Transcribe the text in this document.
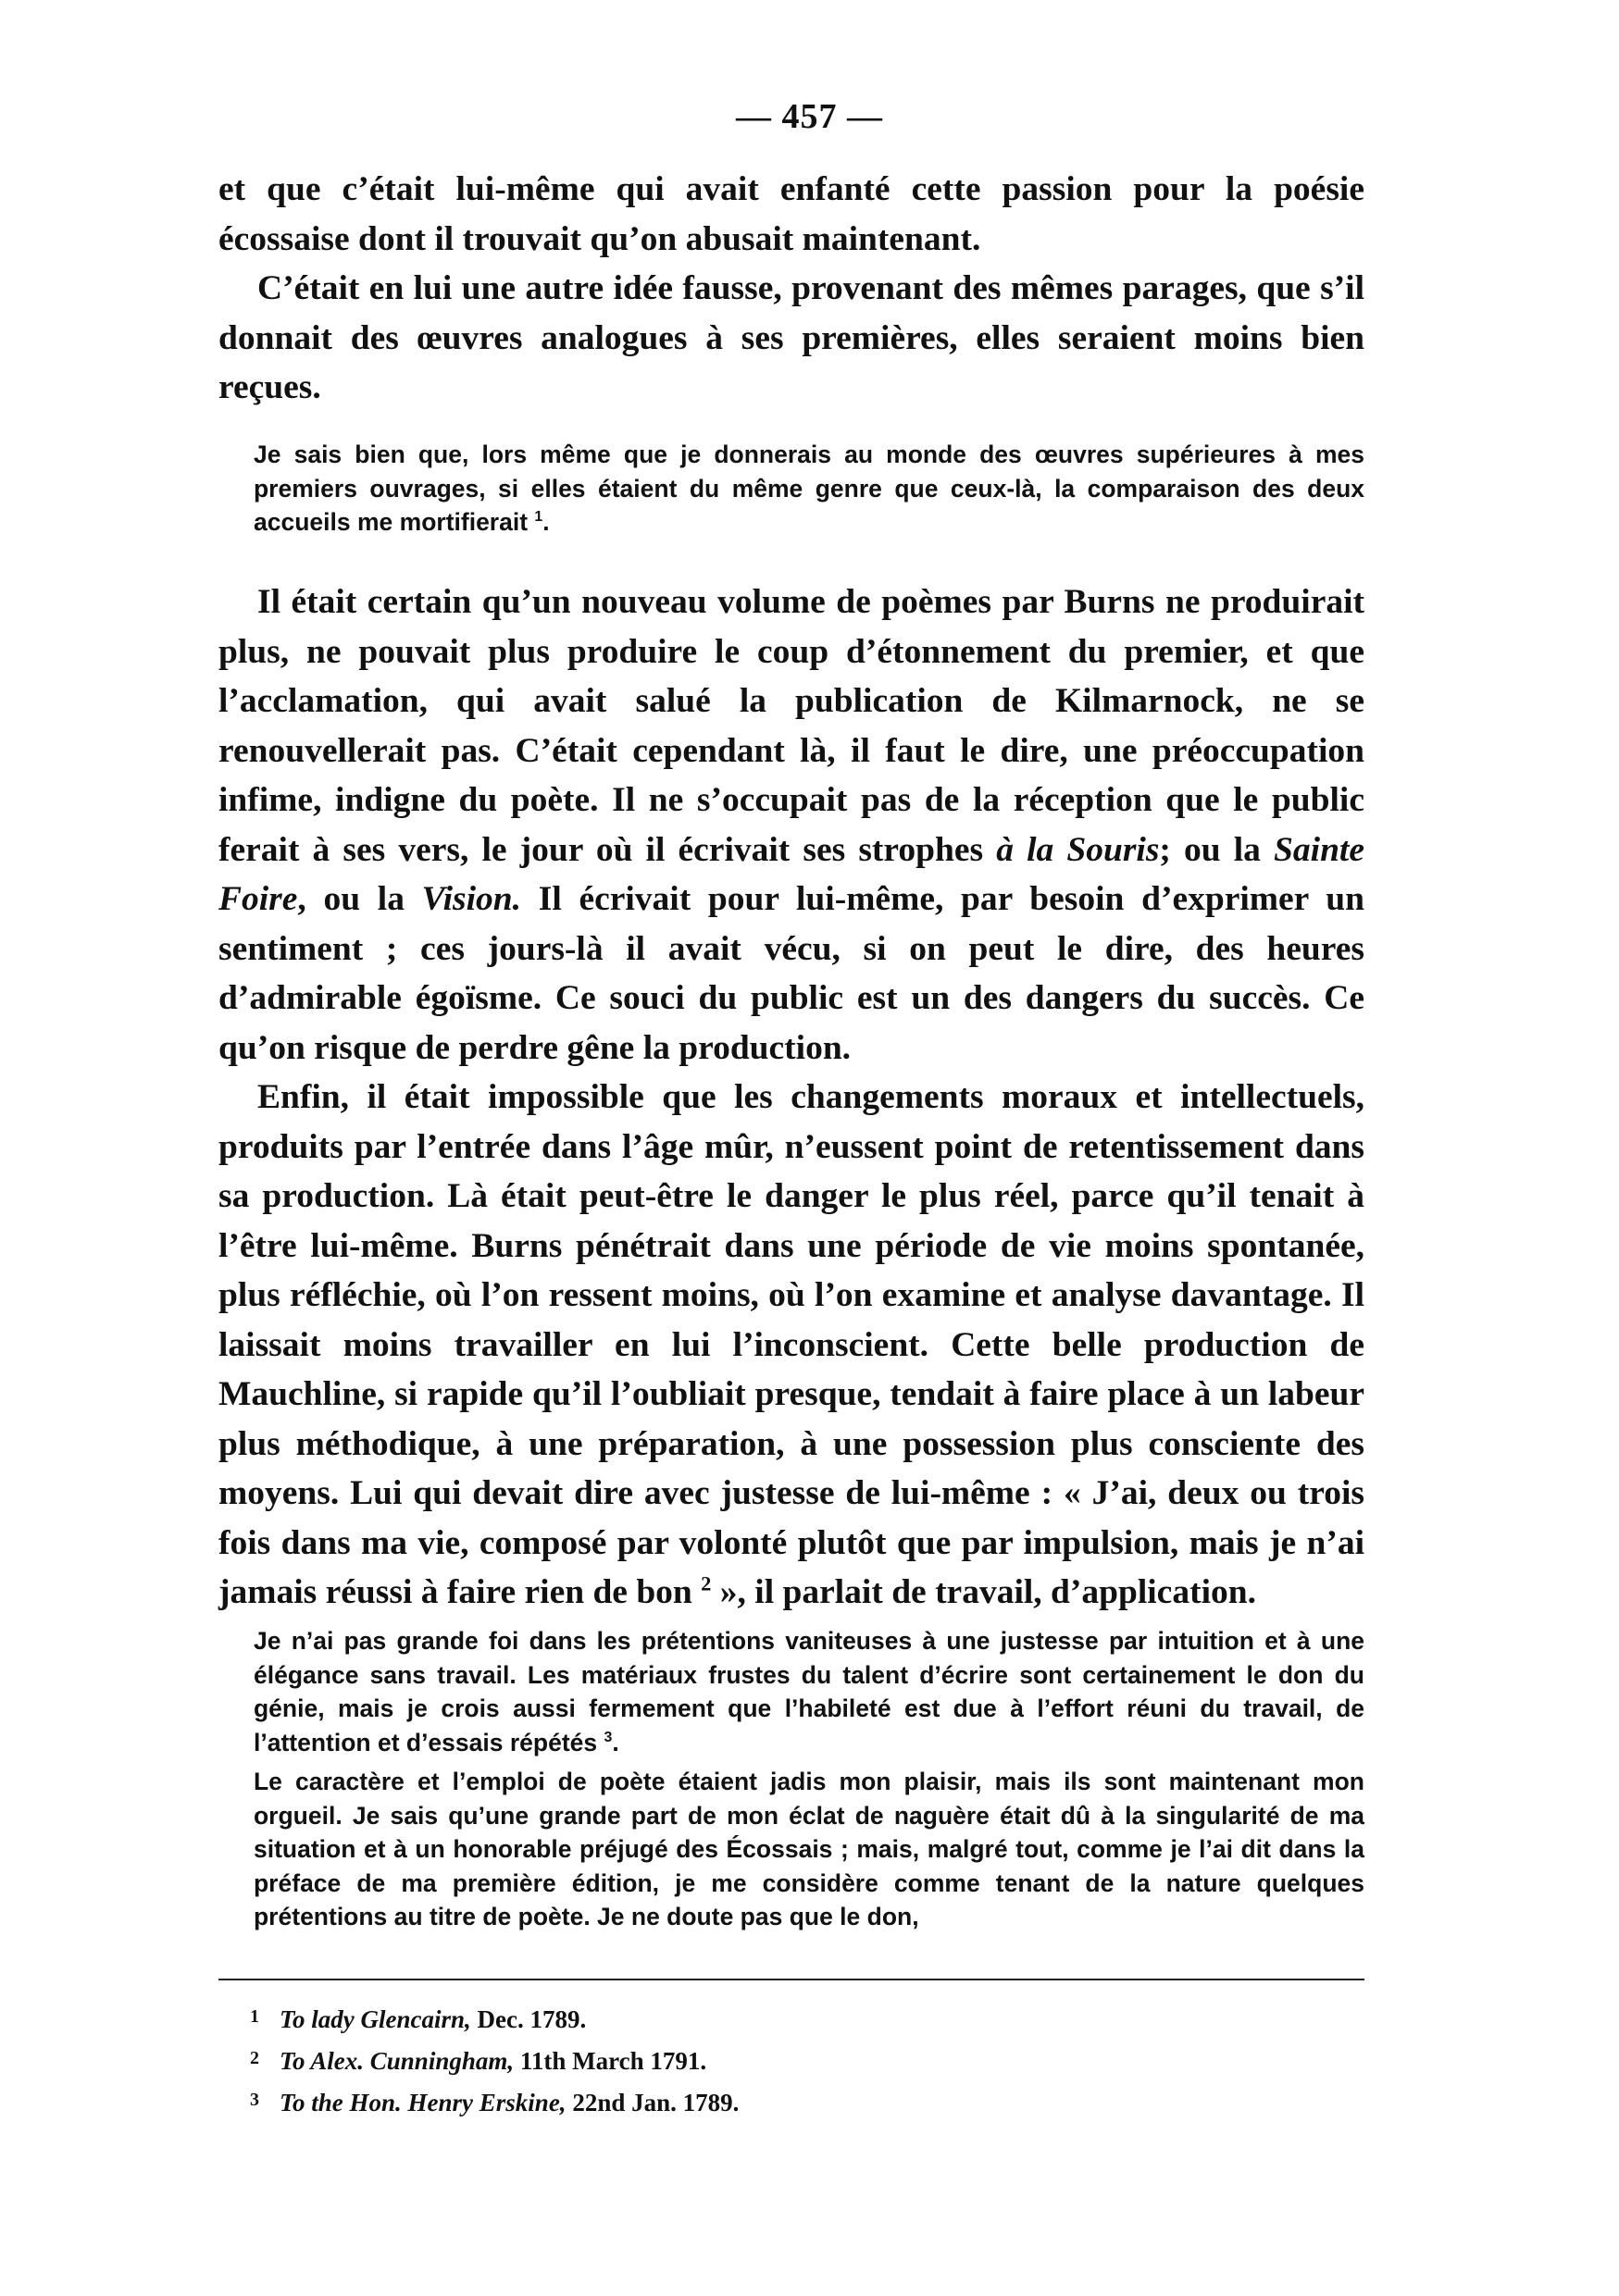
— 457 —

et que c’était lui-même qui avait enfanté cette passion pour la poésie écossaise dont il trouvait qu’on abusait maintenant.

C’était en lui une autre idée fausse, provenant des mêmes parages, que s’il donnait des œuvres analogues à ses premières, elles seraient moins bien reçues.

Je sais bien que, lors même que je donnerais au monde des œuvres supérieures à mes premiers ouvrages, si elles étaient du même genre que ceux-là, la comparaison des deux accueils me mortifierait $^1$.

Il était certain qu’un nouveau volume de poèmes par Burns ne produirait plus, ne pouvait plus produire le coup d’étonnement du premier, et que l’acclamation, qui avait salué la publication de Kilmarnock, ne se renouvellerait pas. C’était cependant là, il faut le dire, une préoccupation infime, indigne du poète. Il ne s’occupait pas de la réception que le public ferait à ses vers, le jour où il écrivait ses strophes à la Souris; ou la Sainte Foire, ou la Vision. Il écrivait pour lui-même, par besoin d’exprimer un sentiment ; ces jours-là il avait vécu, si on peut le dire, des heures d’admirable égoïsme. Ce souci du public est un des dangers du succès. Ce qu’on risque de perdre gêne la production.

Enfin, il était impossible que les changements moraux et intellectuels, produits par l’entrée dans l’âge mûr, n’eussent point de retentissement dans sa production. Là était peut-être le danger le plus réel, parce qu’il tenait à l’être lui-même. Burns pénétrait dans une période de vie moins spontanée, plus réfléchie, où l’on ressent moins, où l’on examine et analyse davantage. Il laissait moins travailler en lui l’inconscient. Cette belle production de Mauchline, si rapide qu’il l’oubliait presque, tendait à faire place à un labeur plus méthodique, à une préparation, à une possession plus consciente des moyens. Lui qui devait dire avec justesse de lui-même : « J’ai, deux ou trois fois dans ma vie, composé par volonté plutôt que par impulsion, mais je n’ai jamais réussi à faire rien de bon $^2$ », il parlait de travail, d’application.

Je n’ai pas grande foi dans les prétentions vaniteuses à une justesse par intuition et à une élégance sans travail. Les matériaux frustes du talent d’écrire sont certainement le don du génie, mais je crois aussi fermement que l’habileté est due à l’effort réuni du travail, de l’attention et d’essais répétés $^3$.

Le caractère et l’emploi de poète étaient jadis mon plaisir, mais ils sont maintenant mon orgueil. Je sais qu’une grande part de mon éclat de naguère était dû à la singularité de ma situation et à un honorable préjugé des Écossais ; mais, malgré tout, comme je l’ai dit dans la préface de ma première édition, je me considère comme tenant de la nature quelques prétentions au titre de poète. Je ne doute pas que le don,

1 To lady Glencairn, Dec. 1789.
2 To Alex. Cunningham, 11th March 1791.
3 To the Hon. Henry Erskine, 22nd Jan. 1789.
